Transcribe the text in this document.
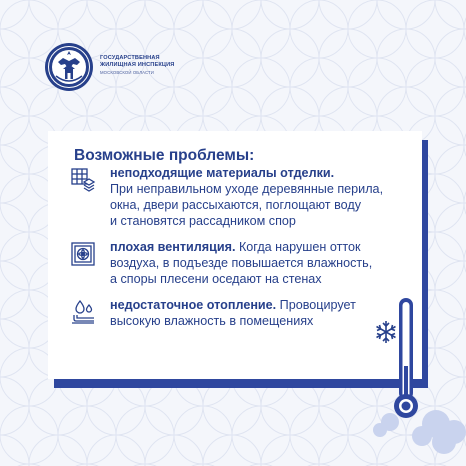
ГОСУДАРСТВЕННАЯ
ЖИЛИЩНАЯ ИНСПЕКЦИЯ
МОСКОВСКОЙ ОБЛАСТИ
Возможные проблемы:
неподходящие материалы отделки.
При неправильном уходе деревянные перила,
окна, двери рассыхаются, поглощают воду
и становятся рассадником спор
плохая вентиляция. Когда нарушен отток
воздуха, в подъезде повышается влажность,
а споры плесени оседают на стенах
недостаточное отопление. Провоцирует
высокую влажность в помещениях
